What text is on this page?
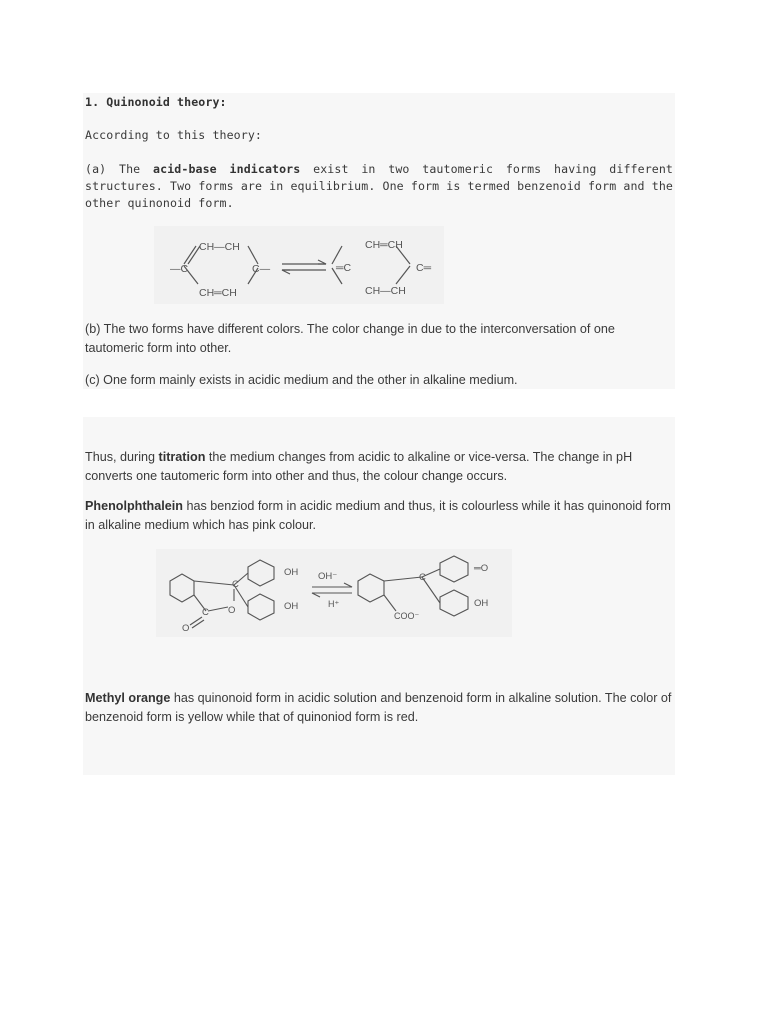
1. Quinonoid theory:

According to this theory:

(a) The acid-base indicators exist in two tautomeric forms having different structures. Two forms are in equilibrium. One form is termed benzenoid form and the other quinonoid form.

CH—CH
CH═CH
—C	C—
CH═CH
CH—CH
═C	C═

(b) The two forms have different colors. The color change in due to the interconversation of one tautomeric form into other.

(c) One form mainly exists in acidic medium and the other in alkaline medium.

Thus, during titration the medium changes from acidic to alkaline or vice-versa. The change in pH converts one tautomeric form into other and thus, the colour change occurs.

Phenolphthalein has benziod form in acidic medium and thus, it is colourless while it has quinonoid form in alkaline medium which has pink colour.

OH
OH
C
O
C
O
OH⁻
H⁺
C
═O
COO⁻
OH

Methyl orange has quinonoid form in acidic solution and benzenoid form in alkaline solution. The color of benzenoid form is yellow while that of quinoniod form is red.
